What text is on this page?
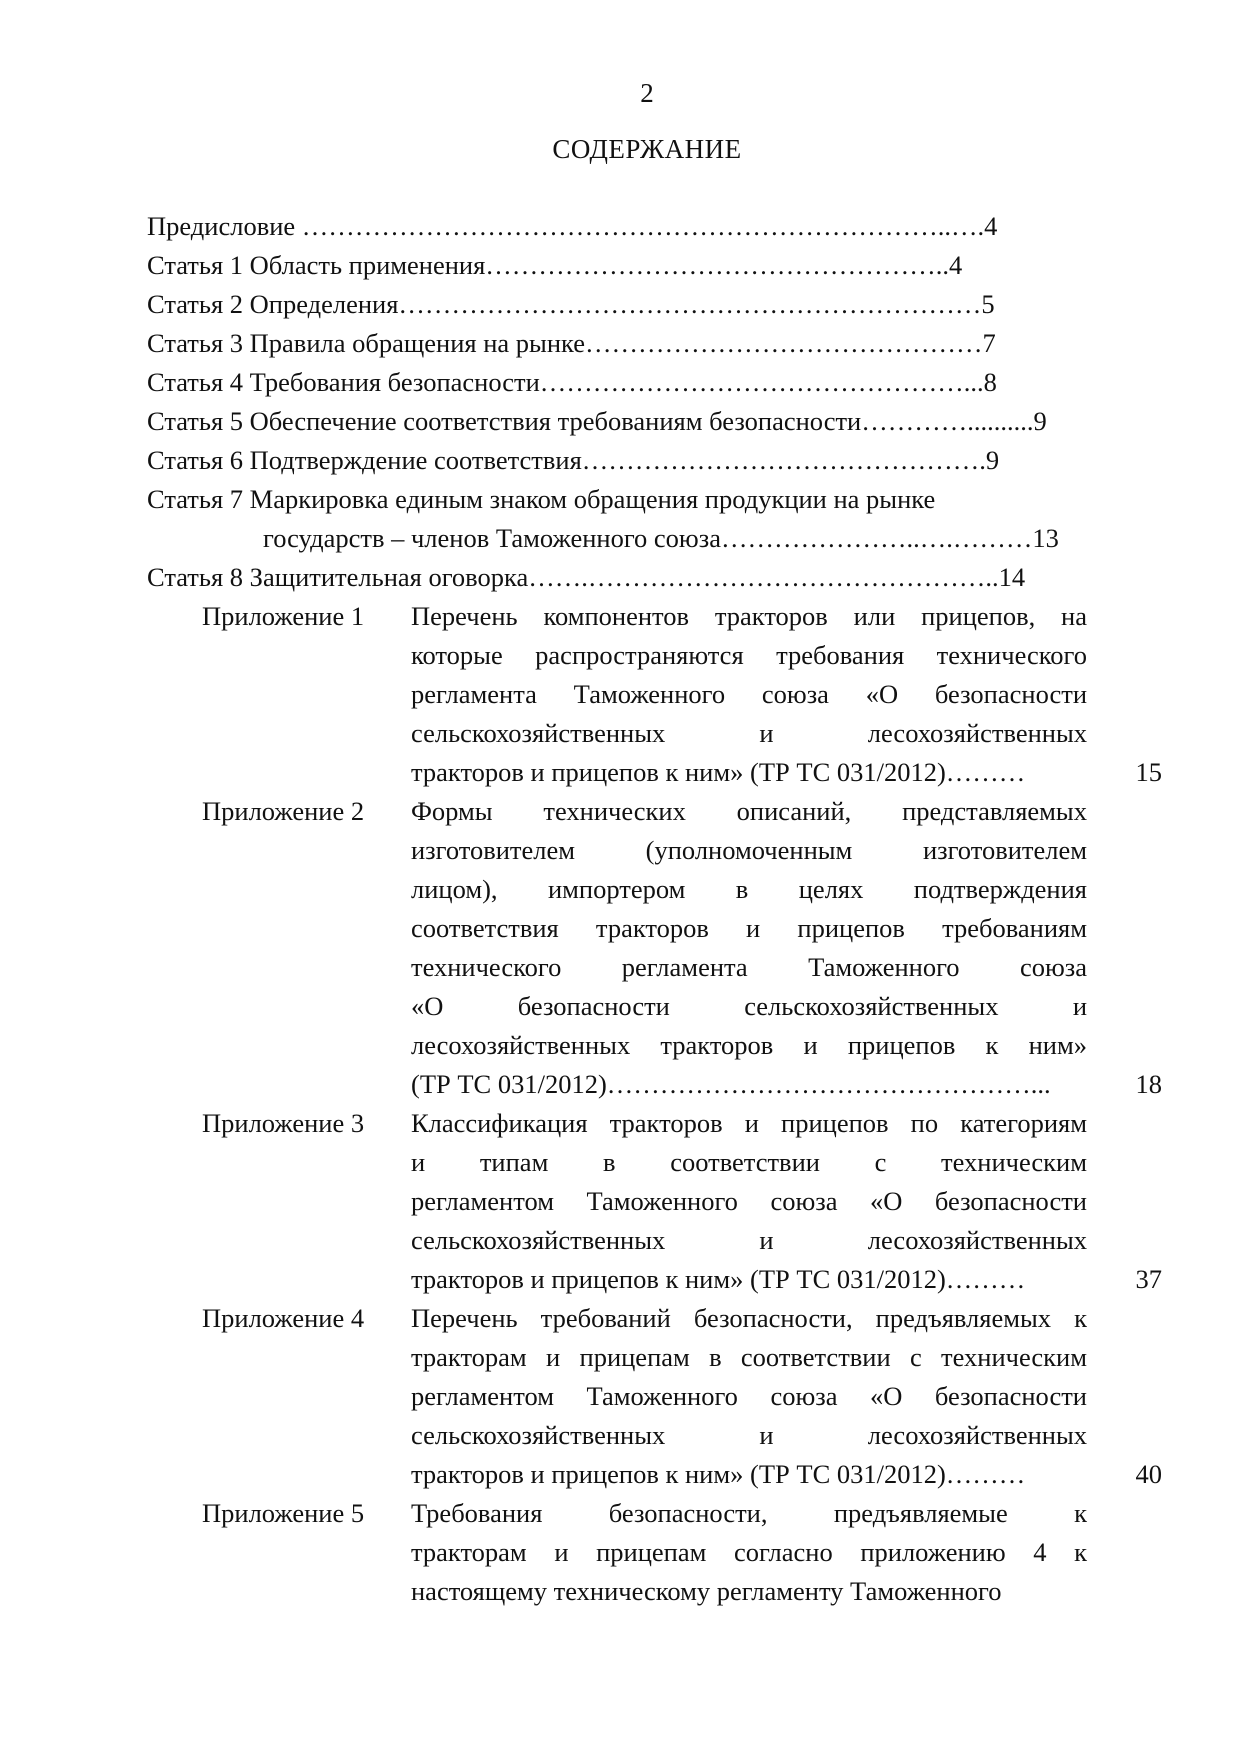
2
СОДЕРЖАНИЕ
Предисловие ………………………………………………………………..….4
Статья 1 Область применения……………………………………………..4
Статья 2 Определения…………………………………………………………5
Статья 3 Правила обращения на рынке………………………………………7
Статья 4 Требования безопасности…………………………………………...8
Статья 5 Обеспечение соответствия требованиям безопасности…………..........9
Статья 6 Подтверждение соответствия……………………………………….9
Статья 7 Маркировка единым знаком обращения продукции на рынке
государств – членов Таможенного союза…………………..….………13
Статья 8 Защитительная оговорка…….………………………………………..14
Приложение 1 Перечень компонентов тракторов или прицепов, на
которые распространяются требования технического
регламента Таможенного союза «О безопасности
сельскохозяйственных и лесохозяйственных
тракторов и прицепов к ним» (ТР ТС 031/2012)………	15
Приложение 2 Формы технических описаний, представляемых
изготовителем (уполномоченным изготовителем
лицом), импортером в целях подтверждения
соответствия тракторов и прицепов требованиям
технического регламента Таможенного союза
«О безопасности сельскохозяйственных и
лесохозяйственных тракторов и прицепов к ним»
(ТР ТС 031/2012)…………………………………………...	18
Приложение 3 Классификация тракторов и прицепов по категориям
и типам в соответствии с техническим
регламентом Таможенного союза «О безопасности
сельскохозяйственных и лесохозяйственных
тракторов и прицепов к ним» (ТР ТС 031/2012)………	37
Приложение 4 Перечень требований безопасности, предъявляемых к
тракторам и прицепам в соответствии с техническим
регламентом Таможенного союза «О безопасности
сельскохозяйственных и лесохозяйственных
тракторов и прицепов к ним» (ТР ТС 031/2012)………	40
Приложение 5 Требования безопасности, предъявляемые к
тракторам и прицепам согласно приложению 4 к
настоящему техническому регламенту Таможенного
